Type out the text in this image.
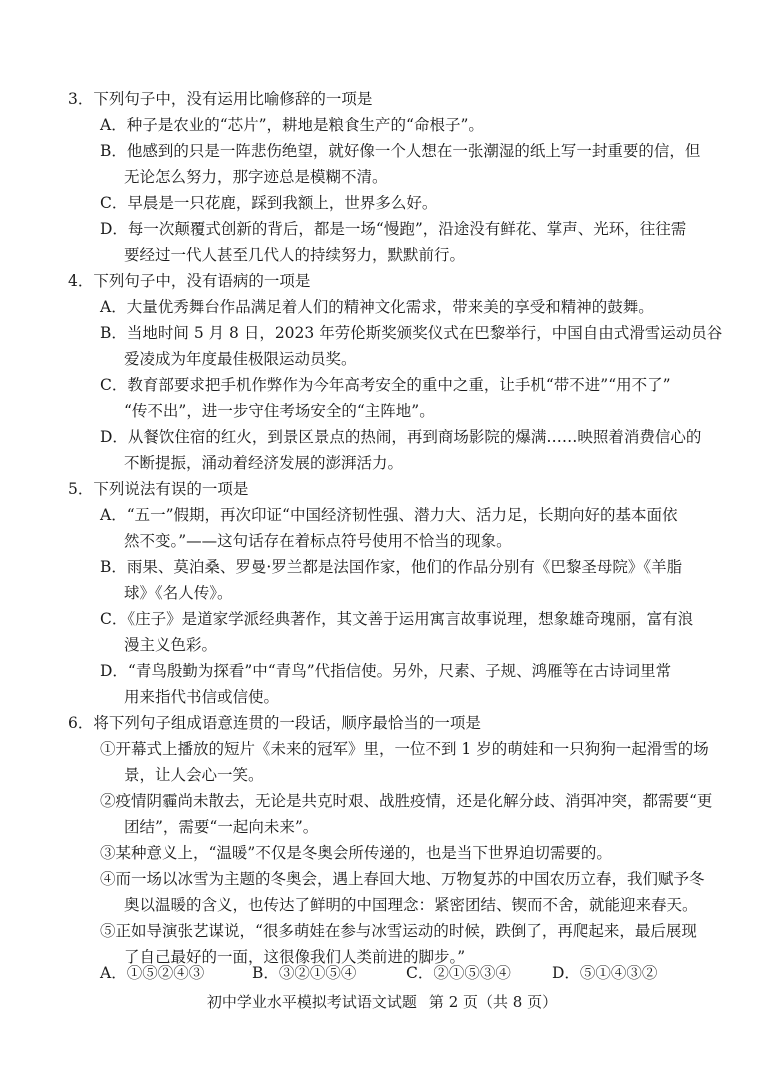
3．下列句子中，没有运用比喻修辞的一项是
A．种子是农业的“芯片”，耕地是粮食生产的“命根子”。
B．他感到的只是一阵悲伤绝望，就好像一个人想在一张潮湿的纸上写一封重要的信，但
无论怎么努力，那字迹总是模糊不清。
C．早晨是一只花鹿，踩到我额上，世界多么好。
D．每一次颠覆式创新的背后，都是一场“慢跑”，沿途没有鲜花、掌声、光环，往往需
要经过一代人甚至几代人的持续努力，默默前行。
4．下列句子中，没有语病的一项是
A．大量优秀舞台作品满足着人们的精神文化需求，带来美的享受和精神的鼓舞。
B．当地时间 5 月 8 日，2023 年劳伦斯奖颁奖仪式在巴黎举行，中国自由式滑雪运动员谷
爱凌成为年度最佳极限运动员奖。
C．教育部要求把手机作弊作为今年高考安全的重中之重，让手机“带不进”“用不了”
“传不出”，进一步守住考场安全的“主阵地”。
D．从餐饮住宿的红火，到景区景点的热闹，再到商场影院的爆满……映照着消费信心的
不断提振，涌动着经济发展的澎湃活力。
5．下列说法有误的一项是
A．“五一”假期，再次印证“中国经济韧性强、潜力大、活力足，长期向好的基本面依
然不变。”——这句话存在着标点符号使用不恰当的现象。
B．雨果、莫泊桑、罗曼·罗兰都是法国作家，他们的作品分别有《巴黎圣母院》《羊脂
球》《名人传》。
C．《庄子》是道家学派经典著作，其文善于运用寓言故事说理，想象雄奇瑰丽，富有浪
漫主义色彩。
D．“青鸟殷勤为探看”中“青鸟”代指信使。另外，尺素、子规、鸿雁等在古诗词里常
用来指代书信或信使。
6．将下列句子组成语意连贯的一段话，顺序最恰当的一项是
①开幕式上播放的短片《未来的冠军》里，一位不到 1 岁的萌娃和一只狗狗一起滑雪的场
景，让人会心一笑。
②疫情阴霾尚未散去，无论是共克时艰、战胜疫情，还是化解分歧、消弭冲突，都需要“更
团结”，需要“一起向未来”。
③某种意义上，“温暖”不仅是冬奥会所传递的，也是当下世界迫切需要的。
④而一场以冰雪为主题的冬奥会，遇上春回大地、万物复苏的中国农历立春，我们赋予冬
奥以温暖的含义，也传达了鲜明的中国理念：紧密团结、锲而不舍，就能迎来春天。
⑤正如导演张艺谋说，“很多萌娃在参与冰雪运动的时候，跌倒了，再爬起来，最后展现
了自己最好的一面，这很像我们人类前进的脚步。”
A．①⑤②④③	B．③②①⑤④	C．②①⑤③④	D．⑤①④③②
初中学业水平模拟考试语文试题 第 2 页（共 8 页）
